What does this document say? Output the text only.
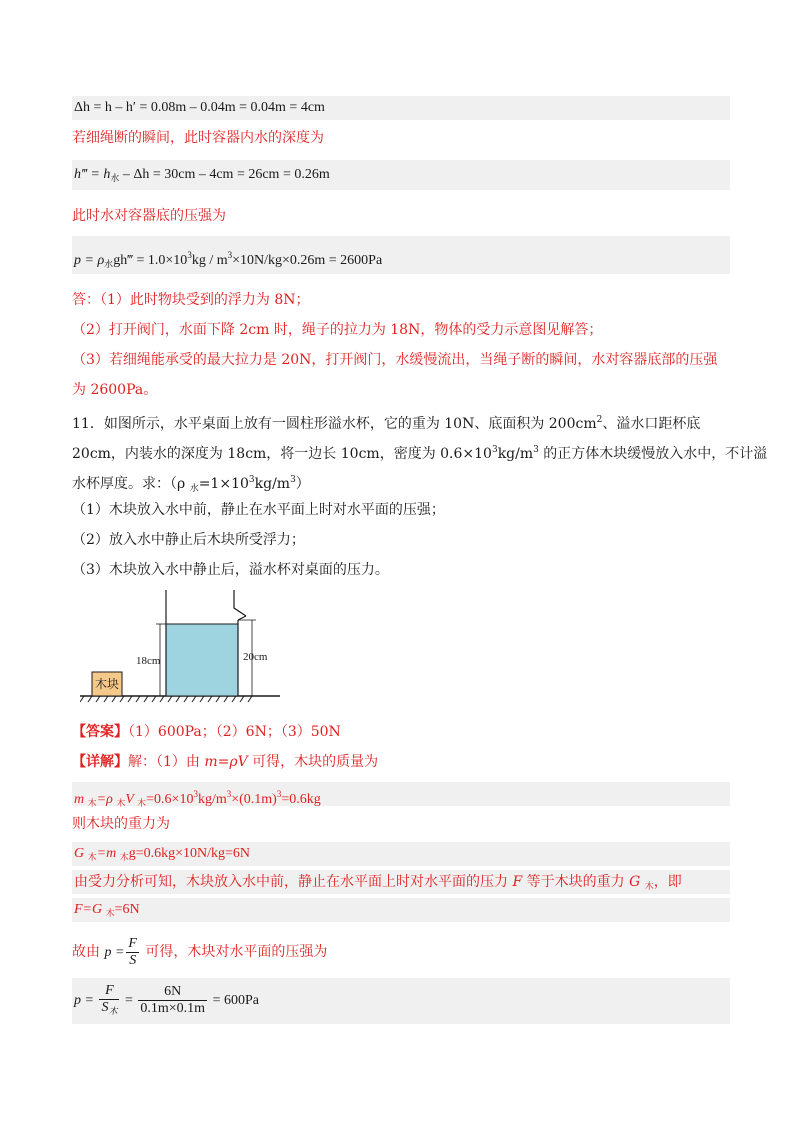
Δh = h – h′ = 0.08m – 0.04m = 0.04m = 4cm
若细绳断的瞬间，此时容器内水的深度为
h‴ = $h_水 - \Delta h = 30cm - 4cm = 26cm = 0.26m$
此时水对容器底的压强为
$p = \rho_水gh‴ = 1.0\times 10^3kg / m^3\times 10N/kg\times 0.26m = 2600Pa$
答：（1）此时物块受到的浮力为 8N；
（2）打开阀门，水面下降 2cm 时，绳子的拉力为 18N，物体的受力示意图见解答；
（3）若细绳能承受的最大拉力是 20N，打开阀门，水缓慢流出，当绳子断的瞬间，水对容器底部的压强
为 2600Pa。
11．如图所示，水平桌面上放有一圆柱形溢水杯，它的重为 10N、底面积为 $200cm^2$、溢水口距杯底
20cm，内装水的深度为 18cm，将一边长 10cm，密度为 $0.6\times 10^3kg/m^3$ 的正方体木块缓慢放入水中，不计溢
水杯厚度。求：（ρ $_水=1\times 10^3kg/m^3$）
（1）木块放入水中前，静止在水平面上时对水平面的压强；
（2）放入水中静止后木块所受浮力；
（3）木块放入水中静止后，溢水杯对桌面的压力。
木块
18cm	20cm
【答案】（1）600Pa；（2）6N；（3）50N
【详解】解：（1）由 m=ρV 可得，木块的质量为
m $_木$=ρ $_木$V $_木=0.6\times 10^3kg/m^3\times(0.1m)^3=0.6kg$
则木块的重力为
G $_木$=m $_木$g=0.6kg×10N/kg=6N
由受力分析可知，木块放入水中前，静止在水平面上时对水平面的压力 F 等于木块的重力 G $_木$，即
F=G $_木$=6N
故由 $p = \frac{F}{S}$ 可得，木块对水平面的压强为
$p = \frac{F}{S_木} = \frac{6N}{0.1m\times 0.1m} = 600Pa$
